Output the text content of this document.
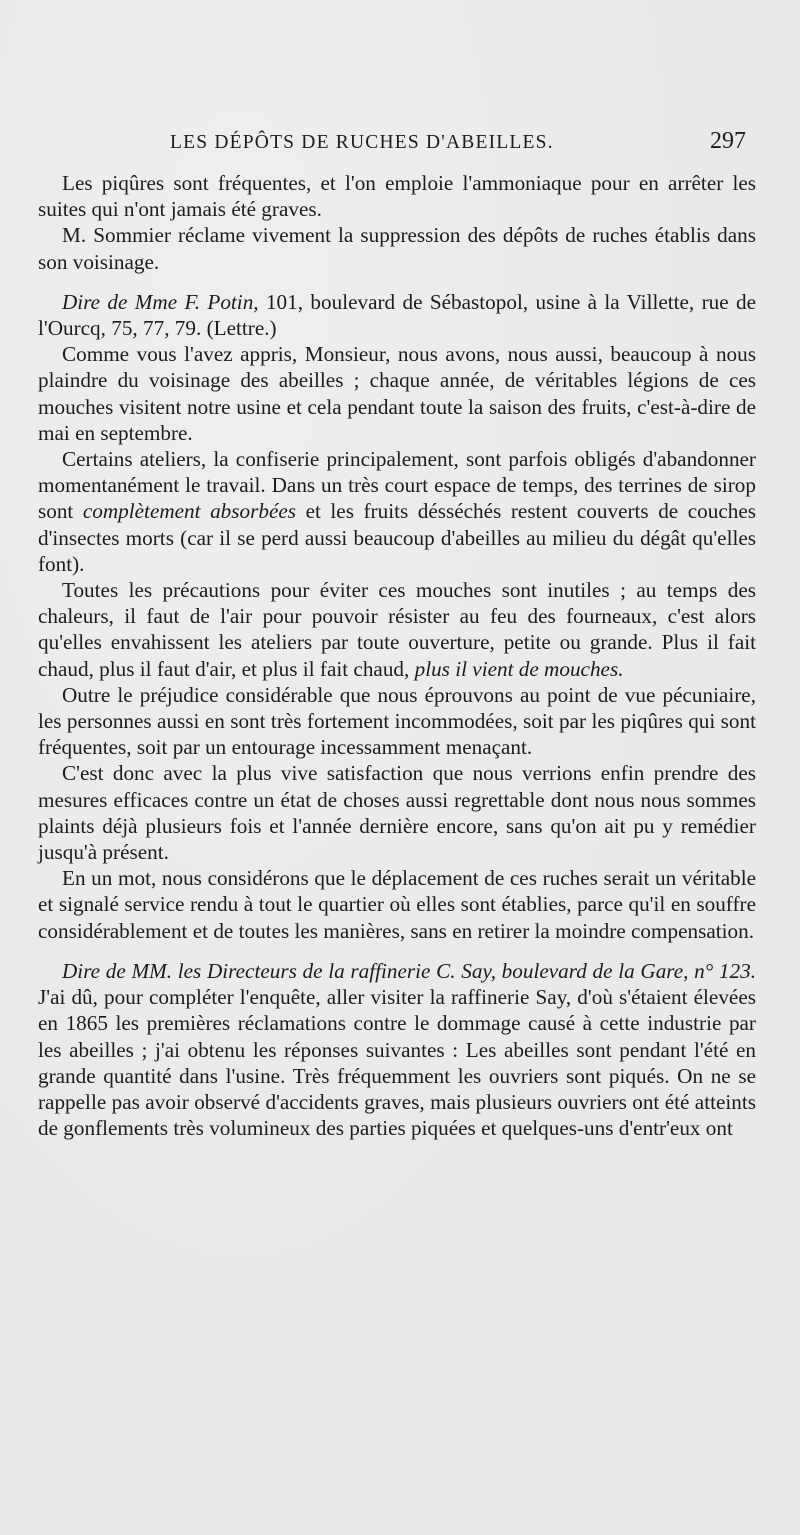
LES DÉPÔTS DE RUCHES D'ABEILLES.	297

Les piqûres sont fréquentes, et l'on emploie l'ammoniaque pour en arrêter les suites qui n'ont jamais été graves.

M. Sommier réclame vivement la suppression des dépôts de ruches établis dans son voisinage.

Dire de Mme F. Potin, 101, boulevard de Sébastopol, usine à la Villette, rue de l'Ourcq, 75, 77, 79. (Lettre.)

Comme vous l'avez appris, Monsieur, nous avons, nous aussi, beaucoup à nous plaindre du voisinage des abeilles ; chaque année, de véritables légions de ces mouches visitent notre usine et cela pendant toute la saison des fruits, c'est-à-dire de mai en septembre.

Certains ateliers, la confiserie principalement, sont parfois obligés d'abandonner momentanément le travail. Dans un très court espace de temps, des terrines de sirop sont complètement absorbées et les fruits désséchés restent couverts de couches d'insectes morts (car il se perd aussi beaucoup d'abeilles au milieu du dégât qu'elles font).

Toutes les précautions pour éviter ces mouches sont inutiles ; au temps des chaleurs, il faut de l'air pour pouvoir résister au feu des fourneaux, c'est alors qu'elles envahissent les ateliers par toute ouverture, petite ou grande. Plus il fait chaud, plus il faut d'air, et plus il fait chaud, plus il vient de mouches.

Outre le préjudice considérable que nous éprouvons au point de vue pécuniaire, les personnes aussi en sont très fortement incommodées, soit par les piqûres qui sont fréquentes, soit par un entourage incessamment menaçant.

C'est donc avec la plus vive satisfaction que nous verrions enfin prendre des mesures efficaces contre un état de choses aussi regrettable dont nous nous sommes plaints déjà plusieurs fois et l'année dernière encore, sans qu'on ait pu y remédier jusqu'à présent.

En un mot, nous considérons que le déplacement de ces ruches serait un véritable et signalé service rendu à tout le quartier où elles sont établies, parce qu'il en souffre considérablement et de toutes les manières, sans en retirer la moindre compensation.

Dire de MM. les Directeurs de la raffinerie C. Say, boulevard de la Gare, n° 123. J'ai dû, pour compléter l'enquête, aller visiter la raffinerie Say, d'où s'étaient élevées en 1865 les premières réclamations contre le dommage causé à cette industrie par les abeilles ; j'ai obtenu les réponses suivantes : Les abeilles sont pendant l'été en grande quantité dans l'usine. Très fréquemment les ouvriers sont piqués. On ne se rappelle pas avoir observé d'accidents graves, mais plusieurs ouvriers ont été atteints de gonflements très volumineux des parties piquées et quelques-uns d'entr'eux ont
